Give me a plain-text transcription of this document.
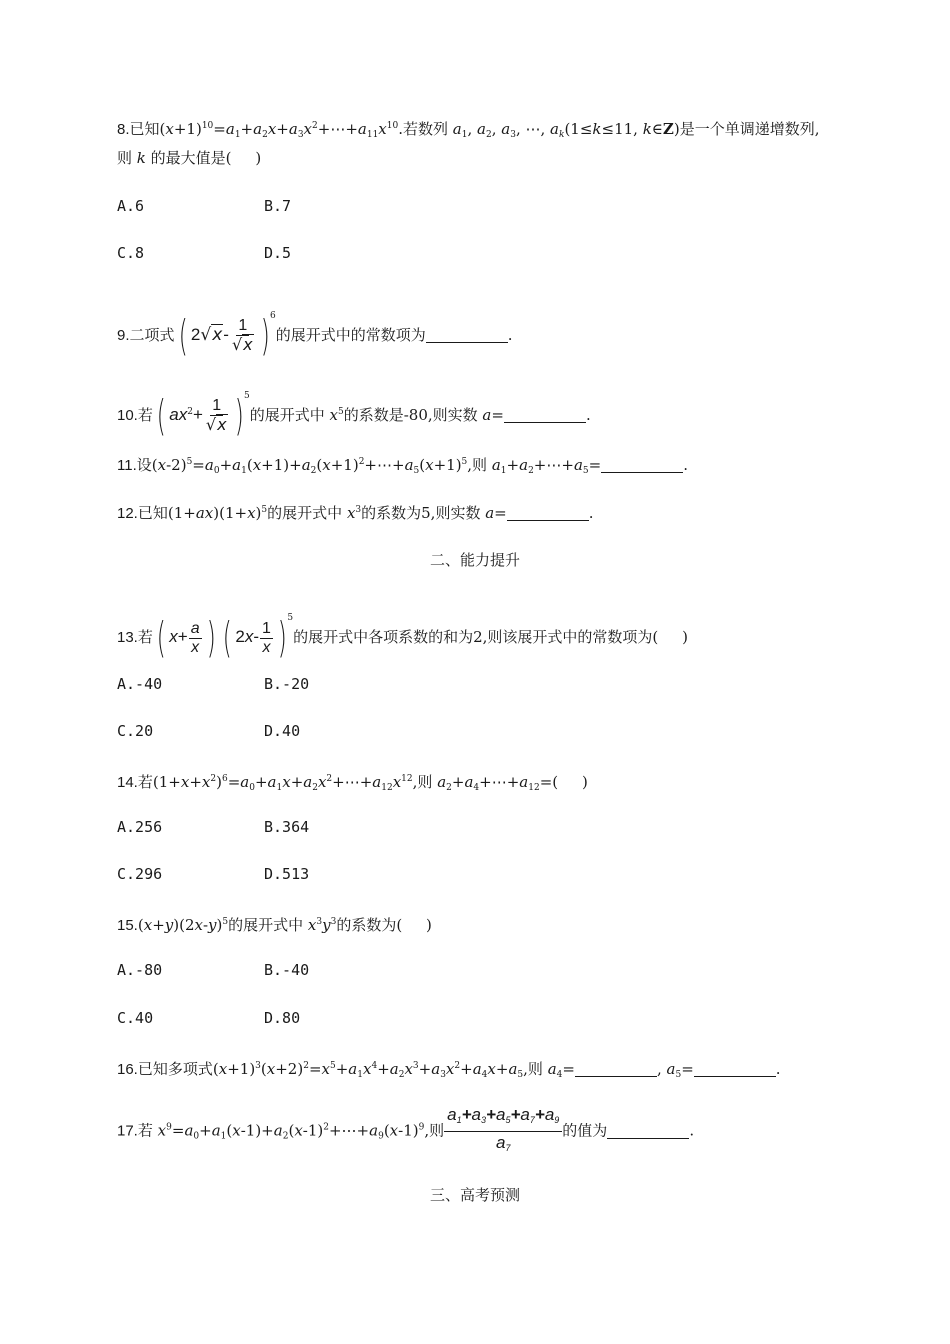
8.已知$(x+1)^{10}=a_1+a_2x+a_3x^2+\cdots+a_{11}x^{10}$.若数列 $a_1$, $a_2$, $a_3$, ⋯, $a_k(1\le k\le 11$, k∈Z)是一个单调递增数列,
则 k 的最大值是( )
A.6	B.7
C.8	D.5
9.二项式( $2√x- \frac{1}{√x} )^6$的展开式中的常数项为	.
10.若( $ax^2+ \frac{1}{√x} )^5$的展开式中 $x^5$的系数是-80,则实数 a=	.
11.设$(x-2)^5=a_0+a_1(x+1)+a_2(x+1)^2+\cdots+a_5(x+1)^5$,则 $a_1+a_2+\cdots+a_5=$	.
12.已知$(1+ax)(1+x)^5$的展开式中 $x^3$的系数为5,则实数 a=	.
二、能力提升
13.若( $x+ \frac{a}{x}$ ) ( $2x- \frac{1}{x} )^5$的展开式中各项系数的和为2,则该展开式中的常数项为( )
A.-40	B.-20
C.20	D.40
14.若$(1+x+x^2)^6=a_0+a_1x+a_2x^2+\cdots+a_{12}x^{12}$,则 $a_2+a_4+\cdots+a_{12}=$( )
A.256	B.364
C.296	D.513
$15.(x+y)(2x-y)^5$的展开式中 $x^3y^3$的系数为( )
A.-80	B.-40
C.40	D.80
16.已知多项式$(x+1)^3(x+2)^2=x^5+a_1x^4+a_2x^3+a_3x^2+a_4x+a_5$,则 $a_4=$	, $a_5=$	.
17.若 $x^9=a_0+a_1(x-1)+a_2(x-1)^2+\cdots+a_9(x-1)^9$,则 $\frac{a_1+a_3+a_5+a_7+a_9}{a_7}$ 的值为	.
三、高考预测
